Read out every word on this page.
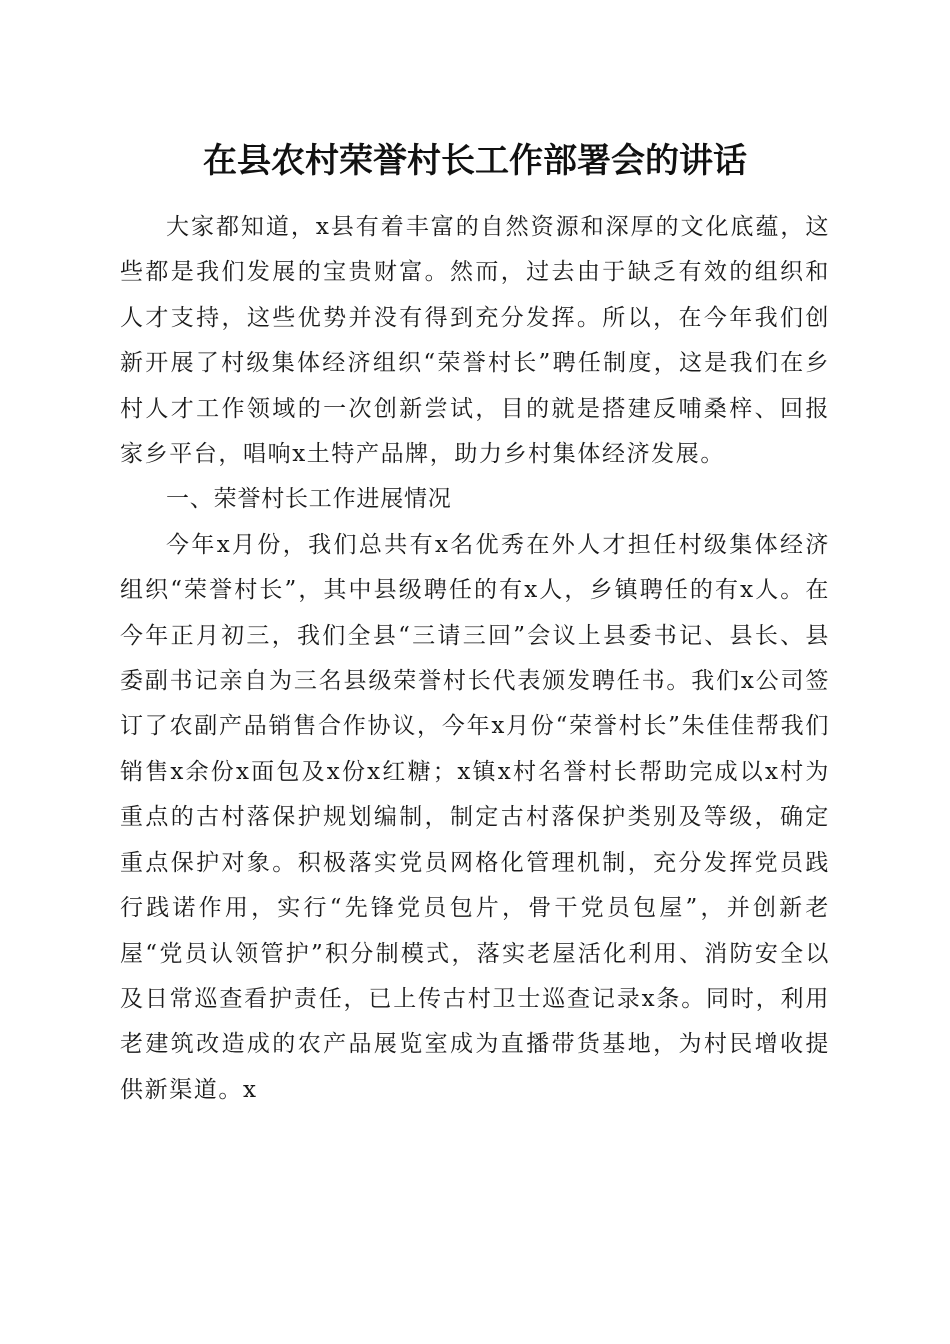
在县农村荣誉村长工作部署会的讲话

大家都知道，x县有着丰富的自然资源和深厚的文化底蕴，这些都是我们发展的宝贵财富。然而，过去由于缺乏有效的组织和人才支持，这些优势并没有得到充分发挥。所以，在今年我们创新开展了村级集体经济组织“荣誉村长”聘任制度，这是我们在乡村人才工作领域的一次创新尝试，目的就是搭建反哺桑梓、回报家乡平台，唱响x土特产品牌，助力乡村集体经济发展。

一、荣誉村长工作进展情况

今年x月份，我们总共有x名优秀在外人才担任村级集体经济组织“荣誉村长”，其中县级聘任的有x人，乡镇聘任的有x人。在今年正月初三，我们全县“三请三回”会议上县委书记、县长、县委副书记亲自为三名县级荣誉村长代表颁发聘任书。我们x公司签订了农副产品销售合作协议，今年x月份“荣誉村长”朱佳佳帮我们销售x余份x面包及x份x红糖；x镇x村名誉村长帮助完成以x村为重点的古村落保护规划编制，制定古村落保护类别及等级，确定重点保护对象。积极落实党员网格化管理机制，充分发挥党员践行践诺作用，实行“先锋党员包片，骨干党员包屋”，并创新老屋“党员认领管护”积分制模式，落实老屋活化利用、消防安全以及日常巡查看护责任，已上传古村卫士巡查记录x条。同时，利用老建筑改造成的农产品展览室成为直播带货基地，为村民增收提供新渠道。x
